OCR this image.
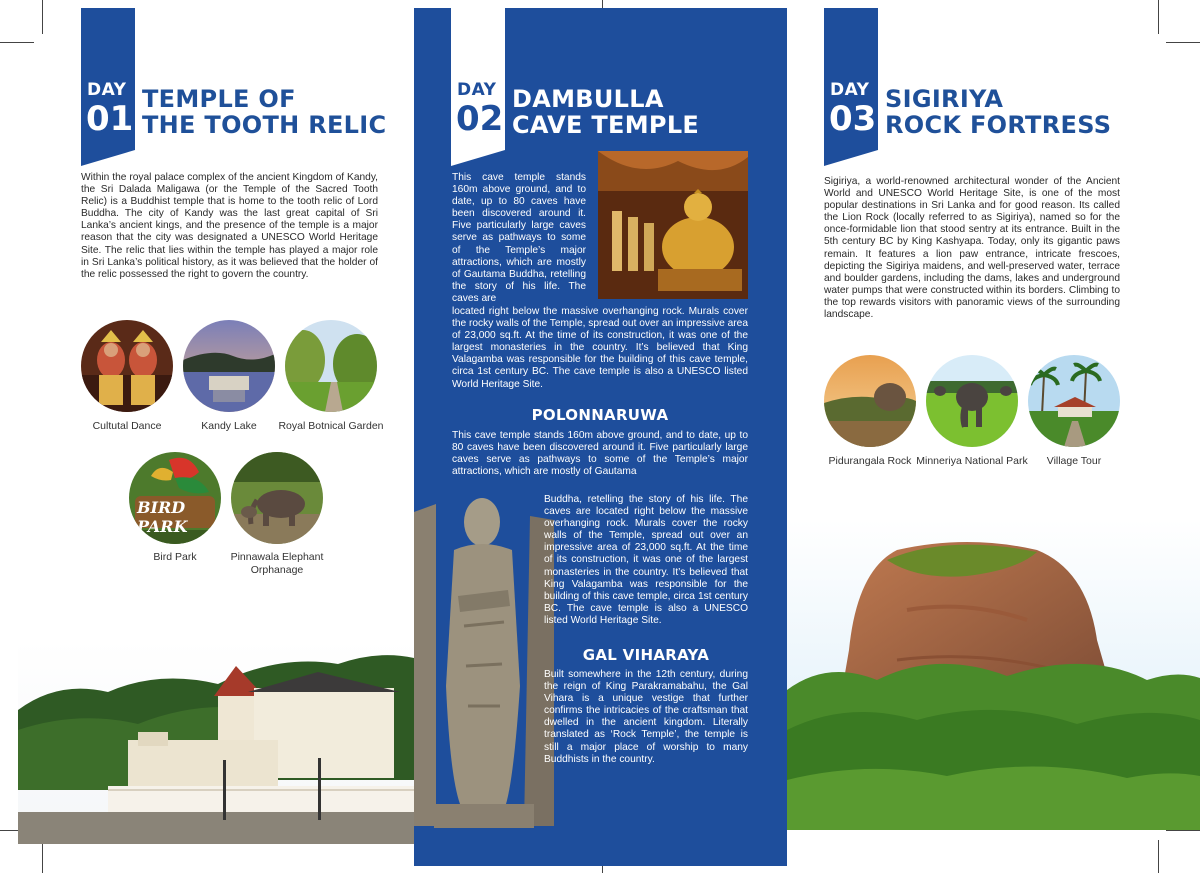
DAY
01 TEMPLE OF
THE TOOTH RELIC
Within the royal palace complex of the ancient Kingdom of Kandy, the Sri Dalada Maligawa (or the Temple of the Sacred Tooth Relic) is a Buddhist temple that is home to the tooth relic of Lord Buddha. The city of Kandy was the last great capital of Sri Lanka’s ancient kings, and the presence of the temple is a major reason that the city was designated a UNESCO World Heritage Site. The relic that lies within the temple has played a major role in Sri Lanka’s political history, as it was believed that the holder of the relic possessed the right to govern the country.
Cultutal Dance	Kandy Lake	Royal Botnical Garden
BIRD PARK
Bird Park	Pinnawala Elephant Orphanage
DAY
02 DAMBULLA
CAVE TEMPLE
This cave temple stands 160m above ground, and to date, up to 80 caves have been discovered around it. Five particularly large caves serve as pathways to some of the Temple’s major attractions, which are mostly of Gautama Buddha, retelling the story of his life. The caves are
located right below the massive overhanging rock. Murals cover the rocky walls of the Temple, spread out over an impressive area of 23,000 sq.ft. At the time of its construction, it was one of the largest monasteries in the country. It’s believed that King Valagamba was responsible for the building of this cave temple, circa 1st century BC. The cave temple is also a UNESCO listed World Heritage Site.
POLONNARUWA
This cave temple stands 160m above ground, and to date, up to 80 caves have been discovered around it. Five particularly large caves serve as pathways to some of the Temple’s major attractions, which are mostly of Gautama
Buddha, retelling the story of his life. The caves are located right below the massive overhanging rock. Murals cover the rocky walls of the Temple, spread out over an impressive area of 23,000 sq.ft. At the time of its construction, it was one of the largest monasteries in the country. It’s believed that King Valagamba was responsible for the building of this cave temple, circa 1st century BC. The cave temple is also a UNESCO listed World Heritage Site.
GAL VIHARAYA
Built somewhere in the 12th century, during the reign of King Parakramabahu, the Gal Vihara is a unique vestige that further confirms the intricacies of the craftsman that dwelled in the ancient kingdom. Literally translated as ‘Rock Temple’, the temple is still a major place of worship to many Buddhists in the country.
DAY
03 SIGIRIYA
ROCK FORTRESS
Sigiriya, a world-renowned architectural wonder of the Ancient World and UNESCO World Heritage Site, is one of the most popular destinations in Sri Lanka and for good reason. Its called the Lion Rock (locally referred to as Sigiriya), named so for the once-formidable lion that stood sentry at its entrance. Built in the 5th century BC by King Kashyapa. Today, only its gigantic paws remain. It features a lion paw entrance, intricate frescoes, depicting the Sigiriya maidens, and well-preserved water, terrace and boulder gardens, including the dams, lakes and underground water pumps that were constructed within its borders. Climbing to the top rewards visitors with panoramic views of the surrounding landscape.
Pidurangala Rock Minneriya National Park	Village Tour
